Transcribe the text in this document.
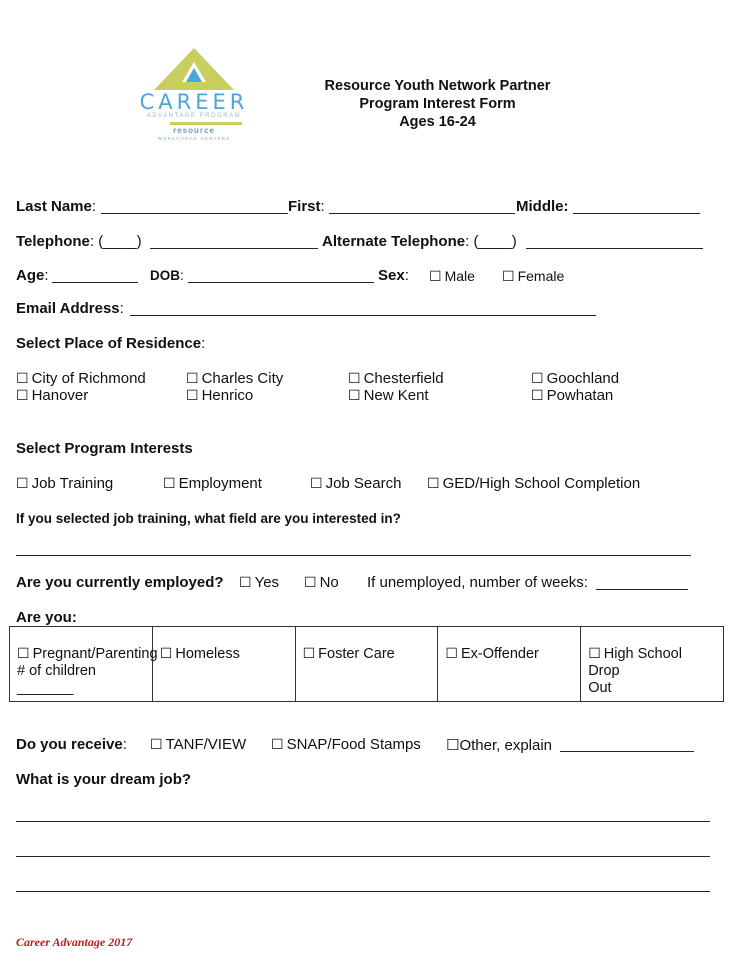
CAREER
ADVANTAGE PROGRAM
resource
WORKFORCE CENTERS
Resource Youth Network Partner
Program Interest Form
Ages 16-24
Last Name:	First:	Middle:
Telephone: (____)	Alternate Telephone: (____)
Age:	DOB:	Sex: ☐ Male ☐ Female
Email Address:
Select Place of Residence:
☐ City of Richmond	☐ Charles City	☐ Chesterfield	☐ Goochland
☐ Hanover	☐ Henrico	☐ New Kent	☐ Powhatan
Select Program Interests
☐ Job Training	☐ Employment	☐ Job Search ☐ GED/High School Completion
If you selected job training, what field are you interested in?
Are you currently employed? ☐ Yes ☐ No If unemployed, number of weeks:
Are you:
☐ Pregnant/Parenting
# of children _______	☐ Homeless	☐ Foster Care	☐ Ex-Offender	☐ High School Drop
Out
Do you receive: ☐ TANF/VIEW ☐ SNAP/Food Stamps ☐Other, explain
What is your dream job?
Career Advantage 2017
